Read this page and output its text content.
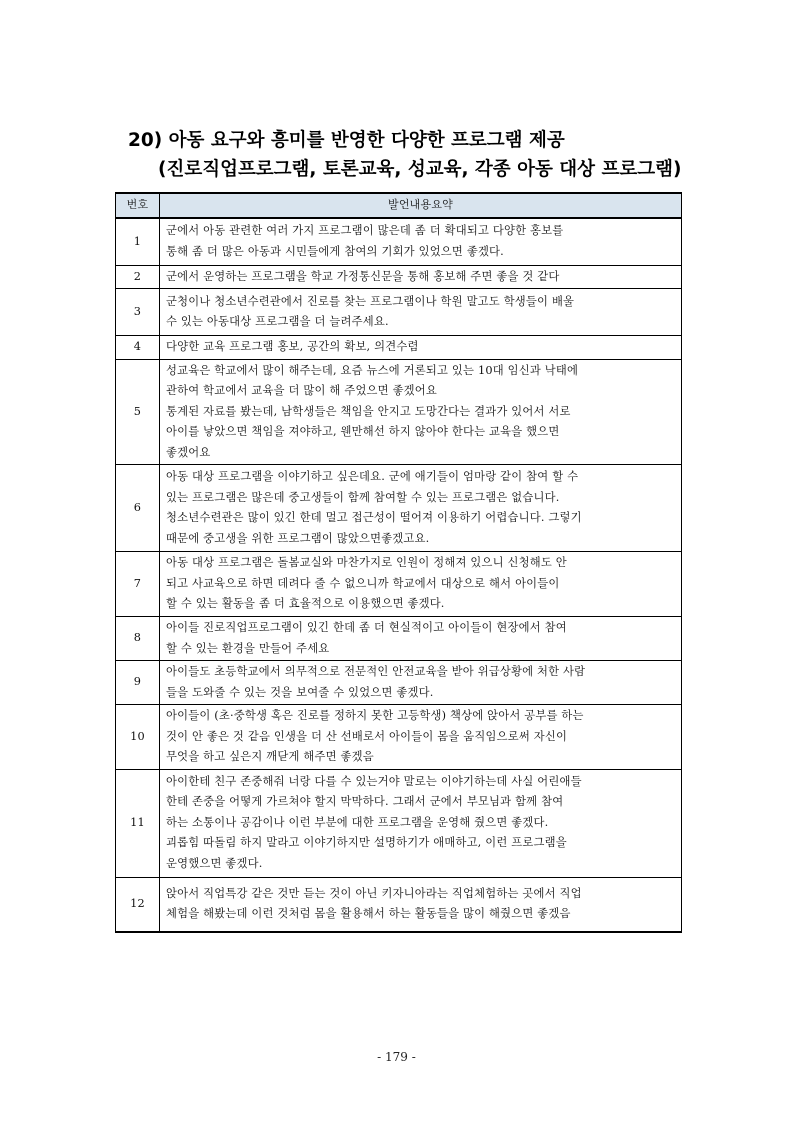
20) 아동 요구와 흥미를 반영한 다양한 프로그램 제공
(진로직업프로그램, 토론교육, 성교육, 각종 아동 대상 프로그램)
번호	발언내용요약
1	군에서 아동 관련한 여러 가지 프로그램이 많은데 좀 더 확대되고 다양한 홍보를
통해 좀 더 많은 아동과 시민들에게 참여의 기회가 있었으면 좋겠다.

2	군에서 운영하는 프로그램을 학교 가정통신문을 통해 홍보해 주면 좋을 것 같다

3	군청이나 청소년수련관에서 진로를 찾는 프로그램이나 학원 말고도 학생들이 배울
수 있는 아동대상 프로그램을 더 늘려주세요.

4	다양한 교육 프로그램 홍보, 공간의 확보, 의견수렴

5	성교육은 학교에서 많이 해주는데, 요즘 뉴스에 거론되고 있는 10대 임신과 낙태에
관하여 학교에서 교육을 더 많이 해 주었으면 좋겠어요
통계된 자료를 봤는데, 남학생들은 책임을 안지고 도망간다는 결과가 있어서 서로
아이를 낳았으면 책임을 져야하고, 웬만해선 하지 않아야 한다는 교육을 했으면
좋겠어요

6	아동 대상 프로그램을 이야기하고 싶은데요. 군에 애기들이 엄마랑 같이 참여 할 수
있는 프로그램은 많은데 중고생들이 함께 참여할 수 있는 프로그램은 없습니다.
청소년수련관은 많이 있긴 한데 멀고 접근성이 떨어져 이용하기 어렵습니다. 그렇기
때문에 중고생을 위한 프로그램이 많았으면좋겠고요.

7	아동 대상 프로그램은 돌봄교실와 마찬가지로 인원이 정해져 있으니 신청해도 안
되고 사교육으로 하면 데려다 줄 수 없으니까 학교에서 대상으로 해서 아이들이
할 수 있는 활동을 좀 더 효율적으로 이용했으면 좋겠다.

8	아이들 진로직업프로그램이 있긴 한데 좀 더 현실적이고 아이들이 현장에서 참여
할 수 있는 환경을 만들어 주세요

9	아이들도 초등학교에서 의무적으로 전문적인 안전교육을 받아 위급상황에 처한 사람
들을 도와줄 수 있는 것을 보여줄 수 있었으면 좋겠다.

10	아이들이 (초·중학생 혹은 진로를 정하지 못한 고등학생) 책상에 앉아서 공부를 하는
것이 안 좋은 것 같음 인생을 더 산 선배로서 아이들이 몸을 움직임으로써 자신이
무엇을 하고 싶은지 깨닫게 해주면 좋겠음

11	아이한테 친구 존중해줘 너랑 다를 수 있는거야 말로는 이야기하는데 사실 어린애들
한테 존중을 어떻게 가르쳐야 할지 막막하다. 그래서 군에서 부모님과 함께 참여
하는 소통이나 공감이나 이런 부분에 대한 프로그램을 운영해 줬으면 좋겠다.
괴롭힘 따돌림 하지 말라고 이야기하지만 설명하기가 애매하고, 이런 프로그램을
운영했으면 좋겠다.

12	앉아서 직업특강 같은 것만 듣는 것이 아닌 키자니아라는 직업체험하는 곳에서 직업
체험을 해봤는데 이런 것처럼 몸을 활용해서 하는 활동들을 많이 해줬으면 좋겠음
- 179 -
